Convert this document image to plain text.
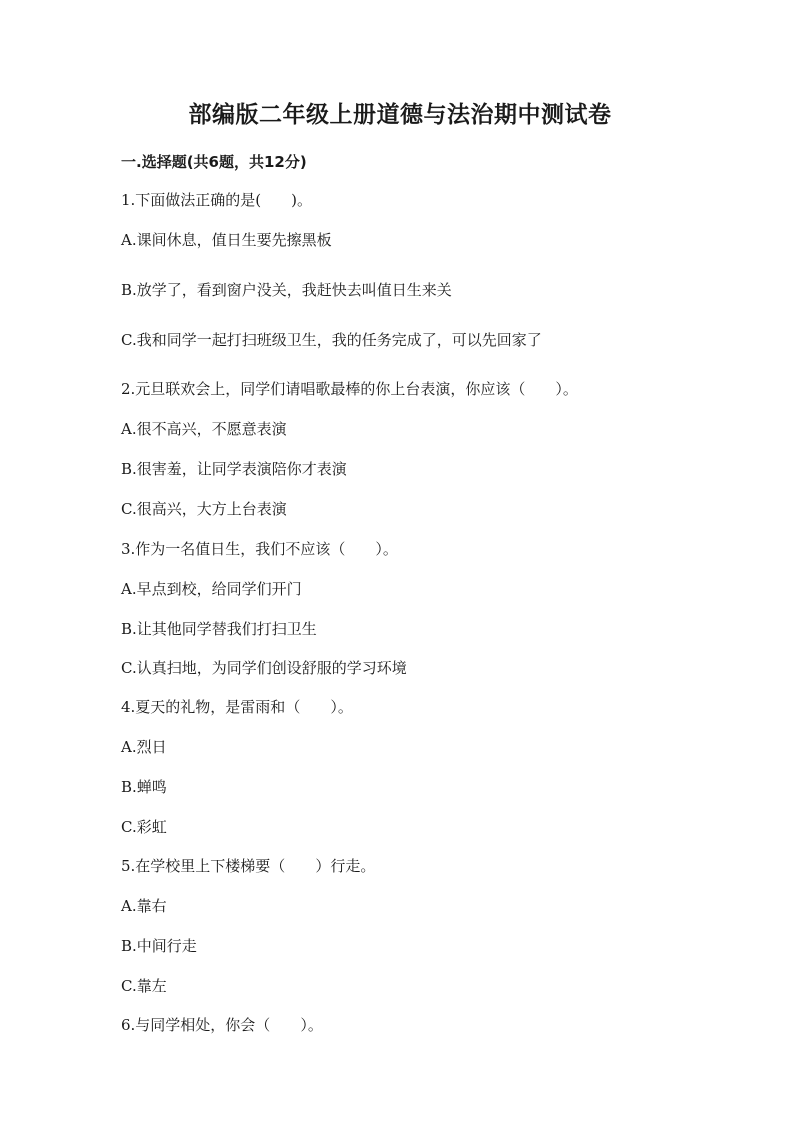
部编版二年级上册道德与法治期中测试卷
一.选择题(共6题，共12分)
1.下面做法正确的是(　　)。
A.课间休息，值日生要先擦黑板
B.放学了，看到窗户没关，我赶快去叫值日生来关
C.我和同学一起打扫班级卫生，我的任务完成了，可以先回家了
2.元旦联欢会上，同学们请唱歌最棒的你上台表演，你应该（　　）。
A.很不高兴，不愿意表演
B.很害羞，让同学表演陪你才表演
C.很高兴，大方上台表演
3.作为一名值日生，我们不应该（　　）。
A.早点到校，给同学们开门
B.让其他同学替我们打扫卫生
C.认真扫地，为同学们创设舒服的学习环境
4.夏天的礼物，是雷雨和（　　）。
A.烈日
B.蝉鸣
C.彩虹
5.在学校里上下楼梯要（　　）行走。
A.靠右
B.中间行走
C.靠左
6.与同学相处，你会（　　）。
